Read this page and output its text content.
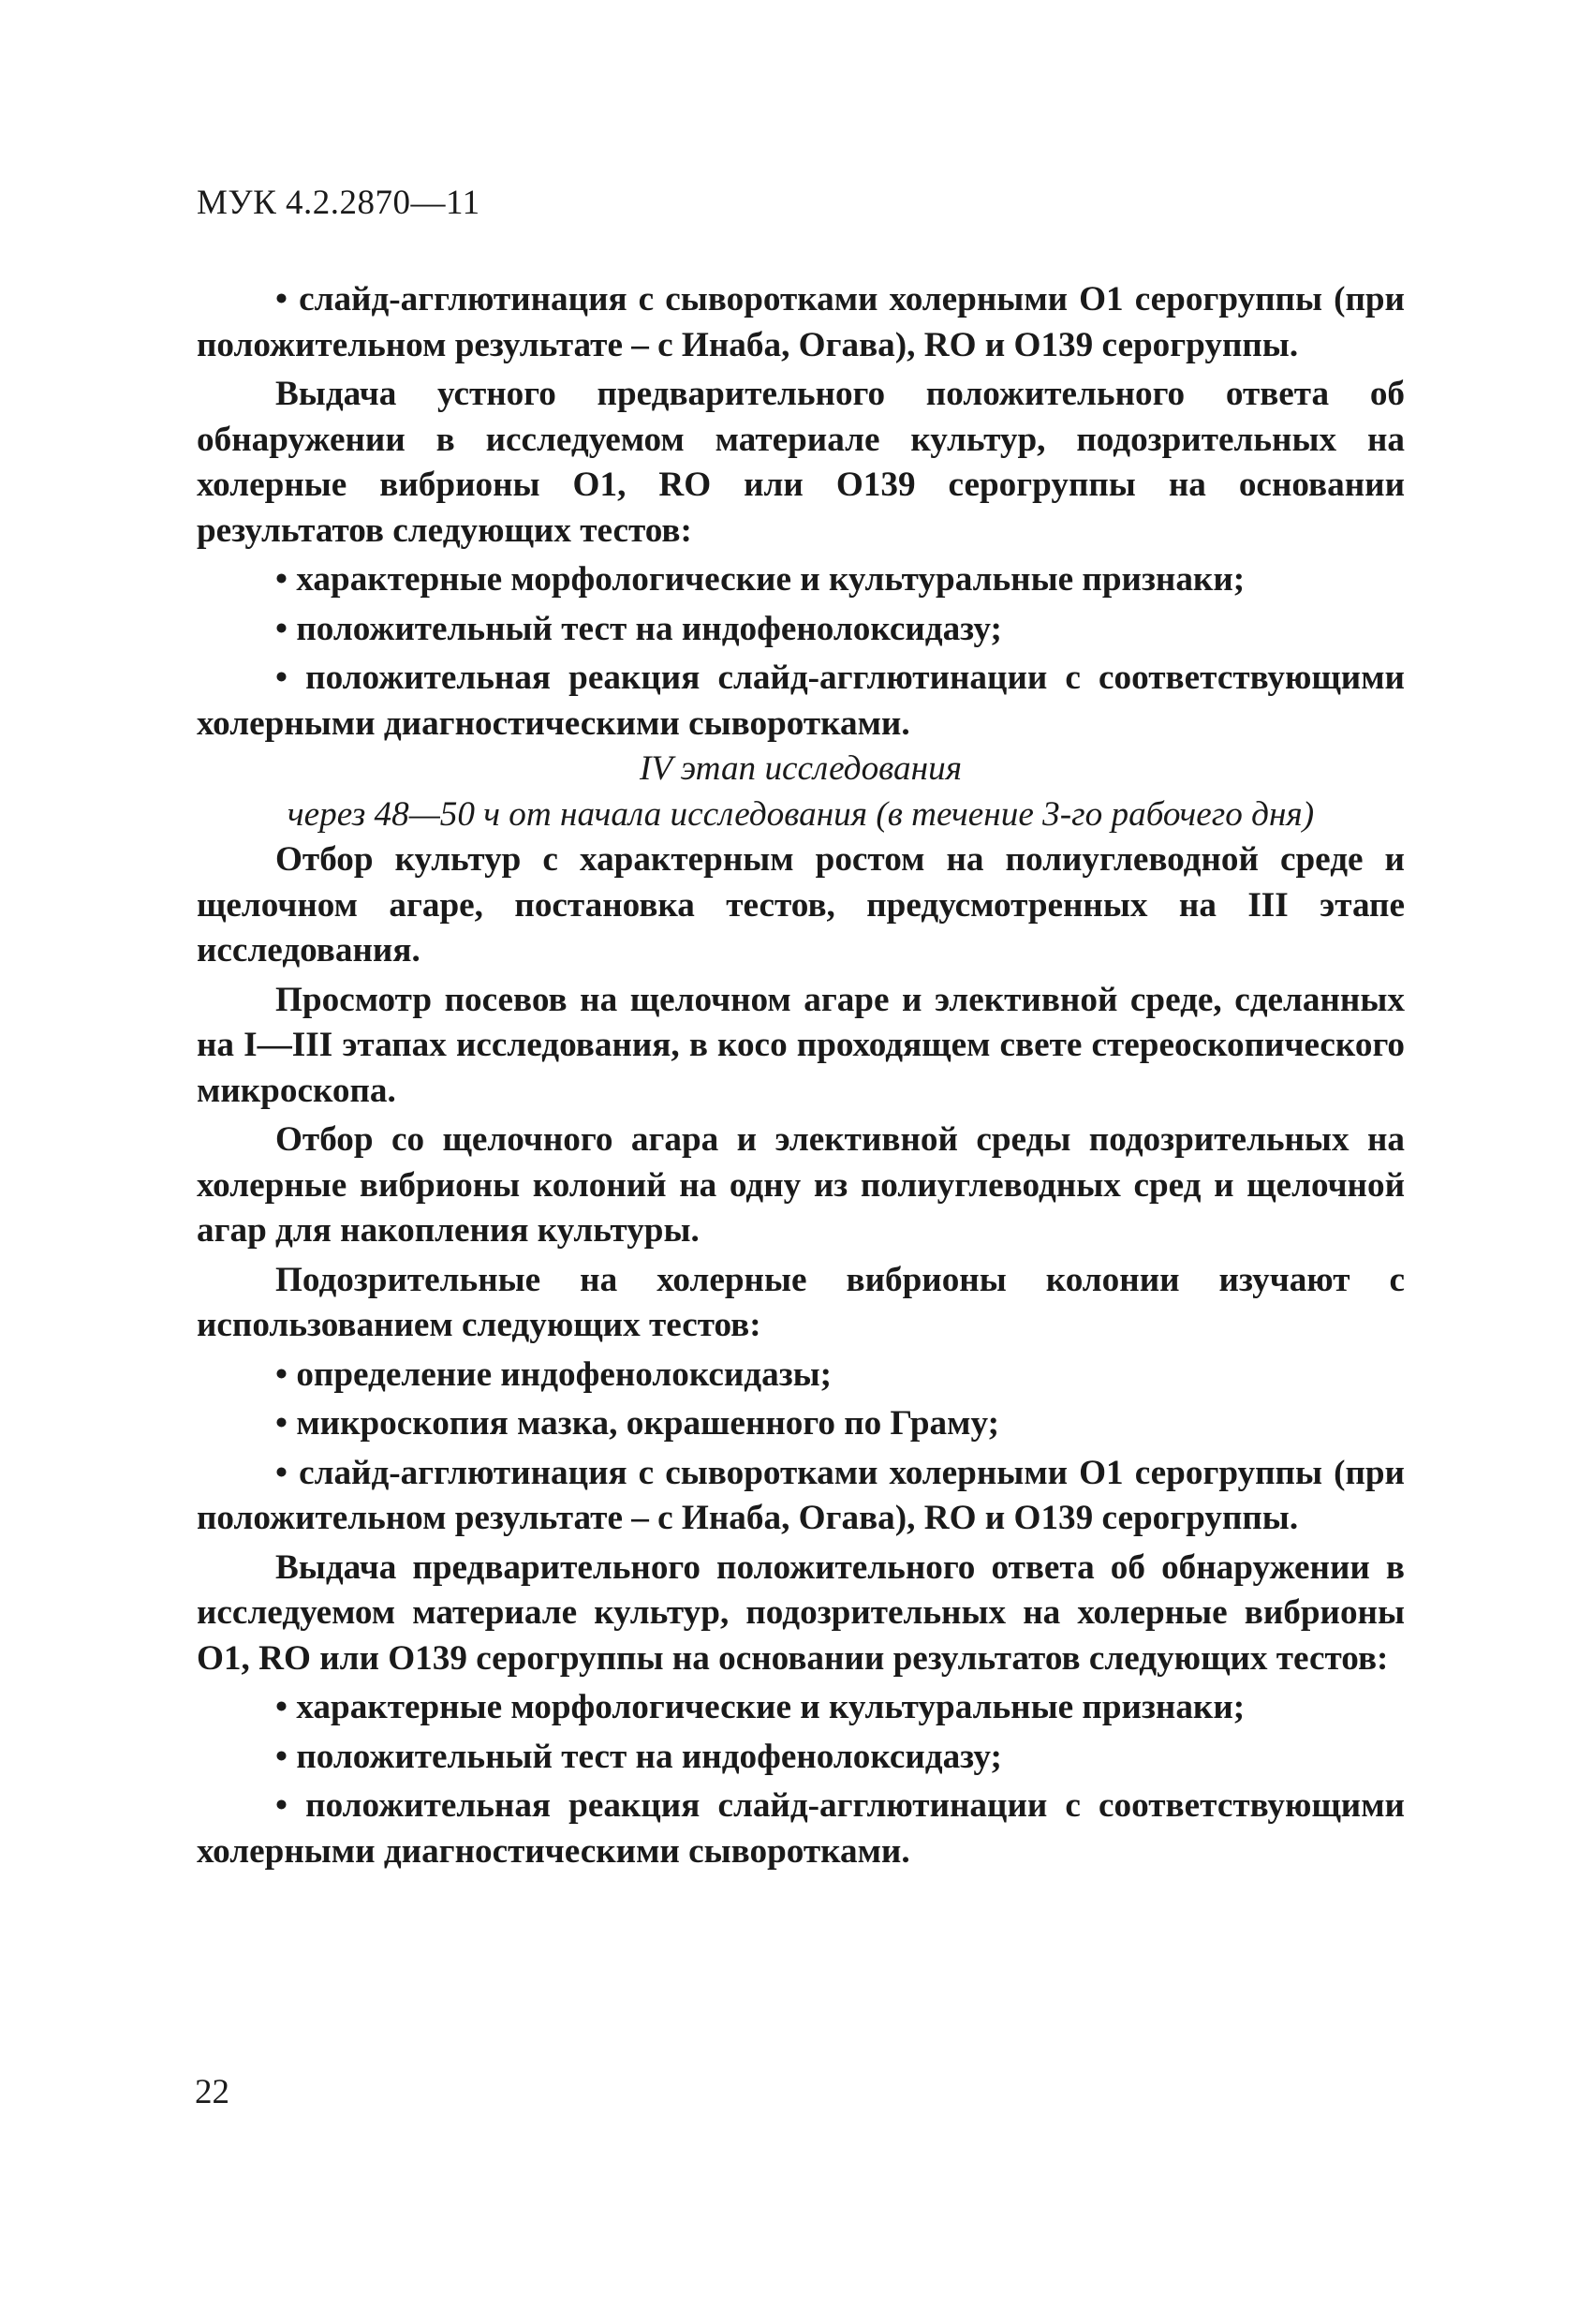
МУК 4.2.2870—11

• слайд-агглютинация с сыворотками холерными O1 серогруппы (при положительном результате – с Инаба, Огава), RO и O139 серогруппы.

Выдача устного предварительного положительного ответа об обнаружении в исследуемом материале культур, подозрительных на холерные вибрионы O1, RO или O139 серогруппы на основании результатов следующих тестов:

• характерные морфологические и культуральные признаки;

• положительный тест на индофенолоксидазу;

• положительная реакция слайд-агглютинации с соответствующими холерными диагностическими сыворотками.

IV этап исследования

через 48—50 ч от начала исследования (в течение 3-го рабочего дня)

Отбор культур с характерным ростом на полиуглеводной среде и щелочном агаре, постановка тестов, предусмотренных на III этапе исследования.

Просмотр посевов на щелочном агаре и элективной среде, сделанных на I—III этапах исследования, в косо проходящем свете стереоскопического микроскопа.

Отбор со щелочного агара и элективной среды подозрительных на холерные вибрионы колоний на одну из полиуглеводных сред и щелочной агар для накопления культуры.

Подозрительные на холерные вибрионы колонии изучают с использованием следующих тестов:

• определение индофенолоксидазы;

• микроскопия мазка, окрашенного по Граму;

• слайд-агглютинация с сыворотками холерными O1 серогруппы (при положительном результате – с Инаба, Огава), RO и O139 серогруппы.

Выдача предварительного положительного ответа об обнаружении в исследуемом материале культур, подозрительных на холерные вибрионы O1, RO или O139 серогруппы на основании результатов следующих тестов:

• характерные морфологические и культуральные признаки;

• положительный тест на индофенолоксидазу;

• положительная реакция слайд-агглютинации с соответствующими холерными диагностическими сыворотками.

22
